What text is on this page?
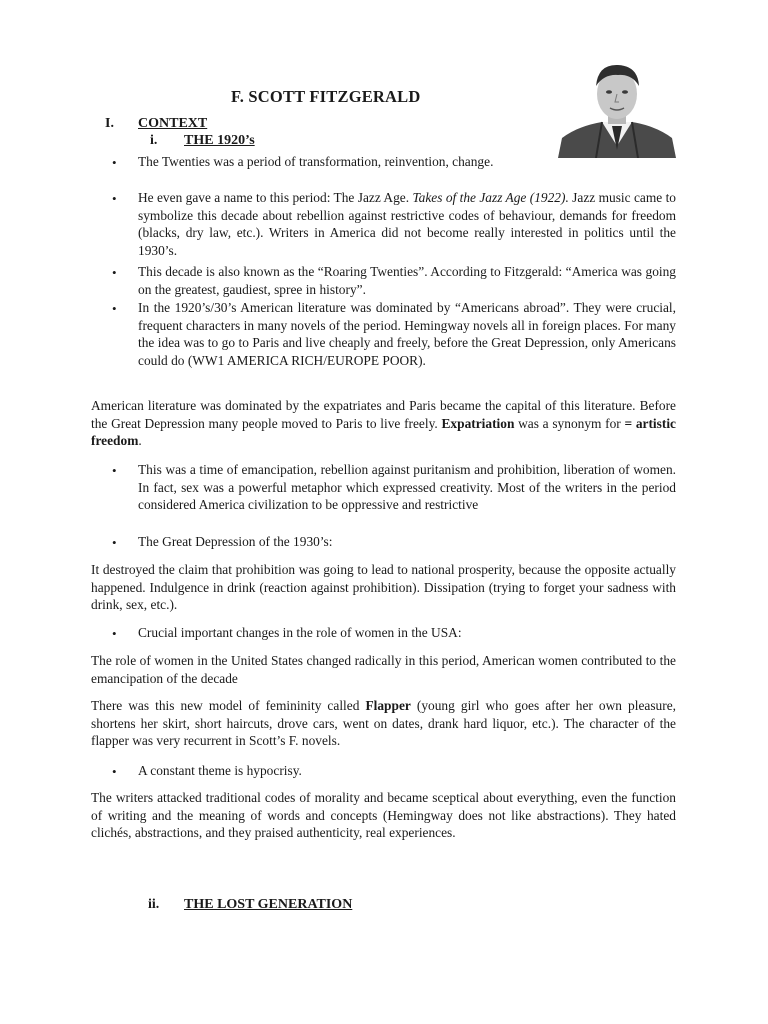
F. SCOTT FITZGERALD
I. CONTEXT
i. THE 1920’s
• The Twenties was a period of transformation, reinvention, change.
• He even gave a name to this period: The Jazz Age. Takes of the Jazz Age (1922). Jazz music came to symbolize this decade about rebellion against restrictive codes of behaviour, demands for freedom (blacks, dry law, etc.). Writers in America did not become really interested in politics until the 1930’s.
• This decade is also known as the “Roaring Twenties”. According to Fitzgerald: “America was going on the greatest, gaudiest, spree in history”.
• In the 1920’s/30’s American literature was dominated by “Americans abroad”. They were crucial, frequent characters in many novels of the period. Hemingway novels all in foreign places. For many the idea was to go to Paris and live cheaply and freely, before the Great Depression, only Americans could do (WW1 AMERICA RICH/EUROPE POOR).
American literature was dominated by the expatriates and Paris became the capital of this literature. Before the Great Depression many people moved to Paris to live freely. Expatriation was a synonym for = artistic freedom.
• This was a time of emancipation, rebellion against puritanism and prohibition, liberation of women. In fact, sex was a powerful metaphor which expressed creativity. Most of the writers in the period considered America civilization to be oppressive and restrictive
• The Great Depression of the 1930’s:
It destroyed the claim that prohibition was going to lead to national prosperity, because the opposite actually happened. Indulgence in drink (reaction against prohibition). Dissipation (trying to forget your sadness with drink, sex, etc.).
• Crucial important changes in the role of women in the USA:
The role of women in the United States changed radically in this period, American women contributed to the emancipation of the decade
There was this new model of femininity called Flapper (young girl who goes after her own pleasure, shortens her skirt, short haircuts, drove cars, went on dates, drank hard liquor, etc.). The character of the flapper was very recurrent in Scott’s F. novels.
• A constant theme is hypocrisy.
The writers attacked traditional codes of morality and became sceptical about everything, even the function of writing and the meaning of words and concepts (Hemingway does not like abstractions). They hated clichés, abstractions, and they praised authenticity, real experiences.
ii. THE LOST GENERATION
